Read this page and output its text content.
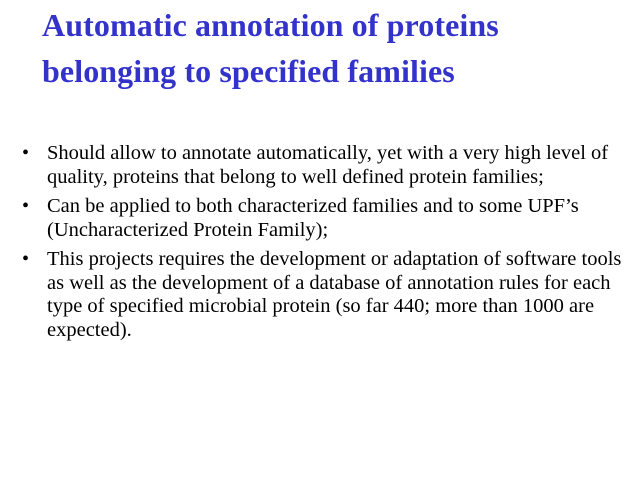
Automatic annotation of proteins belonging to specified families
• Should allow to annotate automatically, yet with a very high level of quality, proteins that belong to well defined protein families;
• Can be applied to both characterized families and to some UPF’s (Uncharacterized Protein Family);
• This projects requires the development or adaptation of software tools as well as the development of a database of annotation rules for each type of specified microbial protein (so far 440; more than 1000 are expected).
